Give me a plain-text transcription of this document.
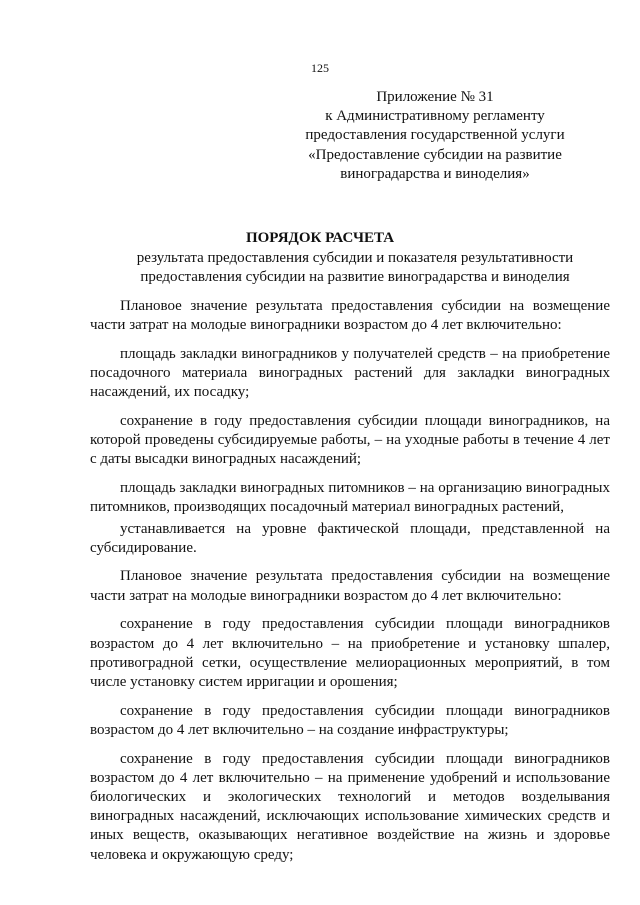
125
Приложение № 31
к Административному регламенту
предоставления государственной услуги
«Предоставление субсидии на развитие
виноградарства и виноделия»
ПОРЯДОК РАСЧЕТА
результата предоставления субсидии и показателя результативности
предоставления субсидии на развитие виноградарства и виноделия

Плановое значение результата предоставления субсидии на возмещение части затрат на молодые виноградники возрастом до 4 лет включительно:

площадь закладки виноградников у получателей средств – на приобретение посадочного материала виноградных растений для закладки виноградных насаждений, их посадку;

сохранение в году предоставления субсидии площади виноградников, на которой проведены субсидируемые работы, – на уходные работы в течение 4 лет с даты высадки виноградных насаждений;

площадь закладки виноградных питомников – на организацию виноградных питомников, производящих посадочный материал виноградных растений,

устанавливается на уровне фактической площади, представленной на субсидирование.

Плановое значение результата предоставления субсидии на возмещение части затрат на молодые виноградники возрастом до 4 лет включительно:

сохранение в году предоставления субсидии площади виноградников возрастом до 4 лет включительно – на приобретение и установку шпалер, противоградной сетки, осуществление мелиорационных мероприятий, в том числе установку систем ирригации и орошения;

сохранение в году предоставления субсидии площади виноградников возрастом до 4 лет включительно – на создание инфраструктуры;

сохранение в году предоставления субсидии площади виноградников возрастом до 4 лет включительно – на применение удобрений и использование биологических и экологических технологий и методов возделывания виноградных насаждений, исключающих использование химических средств и иных веществ, оказывающих негативное воздействие на жизнь и здоровье человека и окружающую среду;
